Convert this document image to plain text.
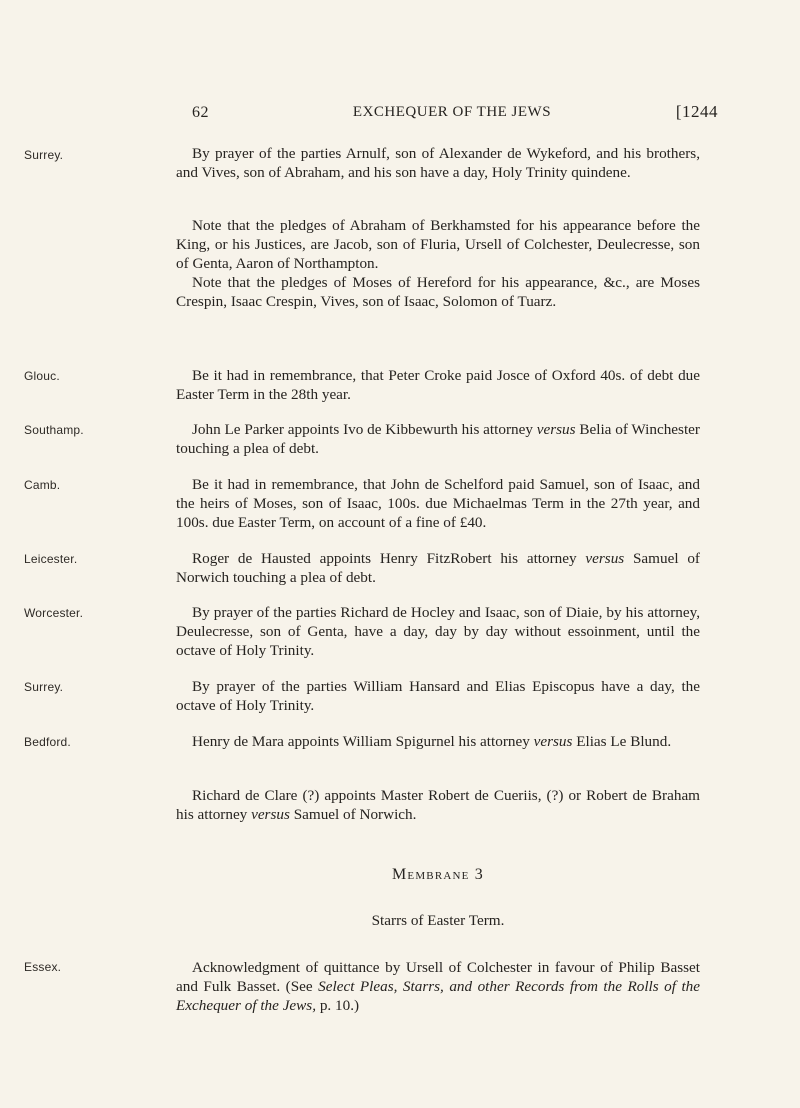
62	EXCHEQUER OF THE JEWS	[1244
Surrey.
Glouc.
Southamp.
Camb.
Leicester.
Worcester.
Surrey.
Bedford.
Essex.
By prayer of the parties Arnulf, son of Alexander de Wykeford, and his brothers, and Vives, son of Abraham, and his son have a day, Holy Trinity quindene.
Note that the pledges of Abraham of Berkhamsted for his appearance before the King, or his Justices, are Jacob, son of Fluria, Ursell of Colchester, Deulecresse, son of Genta, Aaron of Northampton.
Note that the pledges of Moses of Hereford for his appearance, &c., are Moses Crespin, Isaac Crespin, Vives, son of Isaac, Solomon of Tuarz.
Be it had in remembrance, that Peter Croke paid Josce of Oxford 40s. of debt due Easter Term in the 28th year.
John Le Parker appoints Ivo de Kibbewurth his attorney versus Belia of Winchester touching a plea of debt.
Be it had in remembrance, that John de Schelford paid Samuel, son of Isaac, and the heirs of Moses, son of Isaac, 100s. due Michaelmas Term in the 27th year, and 100s. due Easter Term, on account of a fine of £40.
Roger de Hausted appoints Henry FitzRobert his attorney versus Samuel of Norwich touching a plea of debt.
By prayer of the parties Richard de Hocley and Isaac, son of Diaie, by his attorney, Deulecresse, son of Genta, have a day, day by day without essoinment, until the octave of Holy Trinity.
By prayer of the parties William Hansard and Elias Episcopus have a day, the octave of Holy Trinity.
Henry de Mara appoints William Spigurnel his attorney versus Elias Le Blund.
Richard de Clare (?) appoints Master Robert de Cueriis, (?) or Robert de Braham his attorney versus Samuel of Norwich.
Membrane 3
Starrs of Easter Term.
Acknowledgment of quittance by Ursell of Colchester in favour of Philip Basset and Fulk Basset. (See Select Pleas, Starrs, and other Records from the Rolls of the Exchequer of the Jews, p. 10.)
